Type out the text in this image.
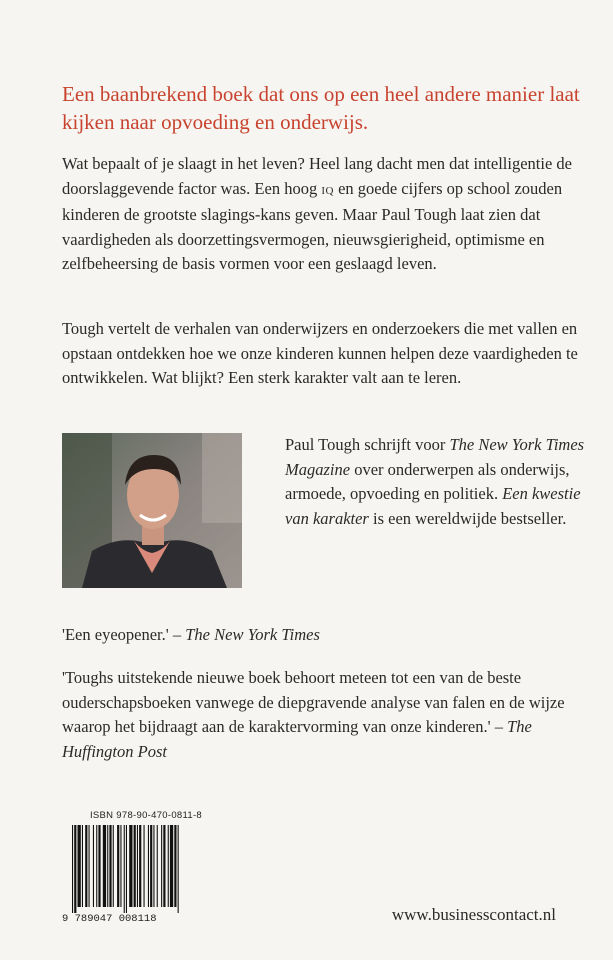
Een baanbrekend boek dat ons op een heel andere manier laat kijken naar opvoeding en onderwijs.
Wat bepaalt of je slaagt in het leven? Heel lang dacht men dat intelligentie de doorslaggevende factor was. Een hoog IQ en goede cijfers op school zouden kinderen de grootste slagings-kans geven. Maar Paul Tough laat zien dat vaardigheden als doorzettingsvermogen, nieuwsgierigheid, optimisme en zelfbeheersing de basis vormen voor een geslaagd leven.
Tough vertelt de verhalen van onderwijzers en onderzoekers die met vallen en opstaan ontdekken hoe we onze kinderen kunnen helpen deze vaardigheden te ontwikkelen. Wat blijkt? Een sterk karakter valt aan te leren.
Paul Tough schrijft voor The New York Times Magazine over onderwerpen als onderwijs, armoede, opvoeding en politiek. Een kwestie van karakter is een wereldwijde bestseller.
'Een eyeopener.' – The New York Times
'Toughs uitstekende nieuwe boek behoort meteen tot een van de beste ouderschapsboeken vanwege de diepgravende analyse van falen en de wijze waarop het bijdraagt aan de karaktervorming van onze kinderen.' – The Huffington Post
ISBN 978-90-470-0811-8
9 789047 008118	www.businesscontact.nl
